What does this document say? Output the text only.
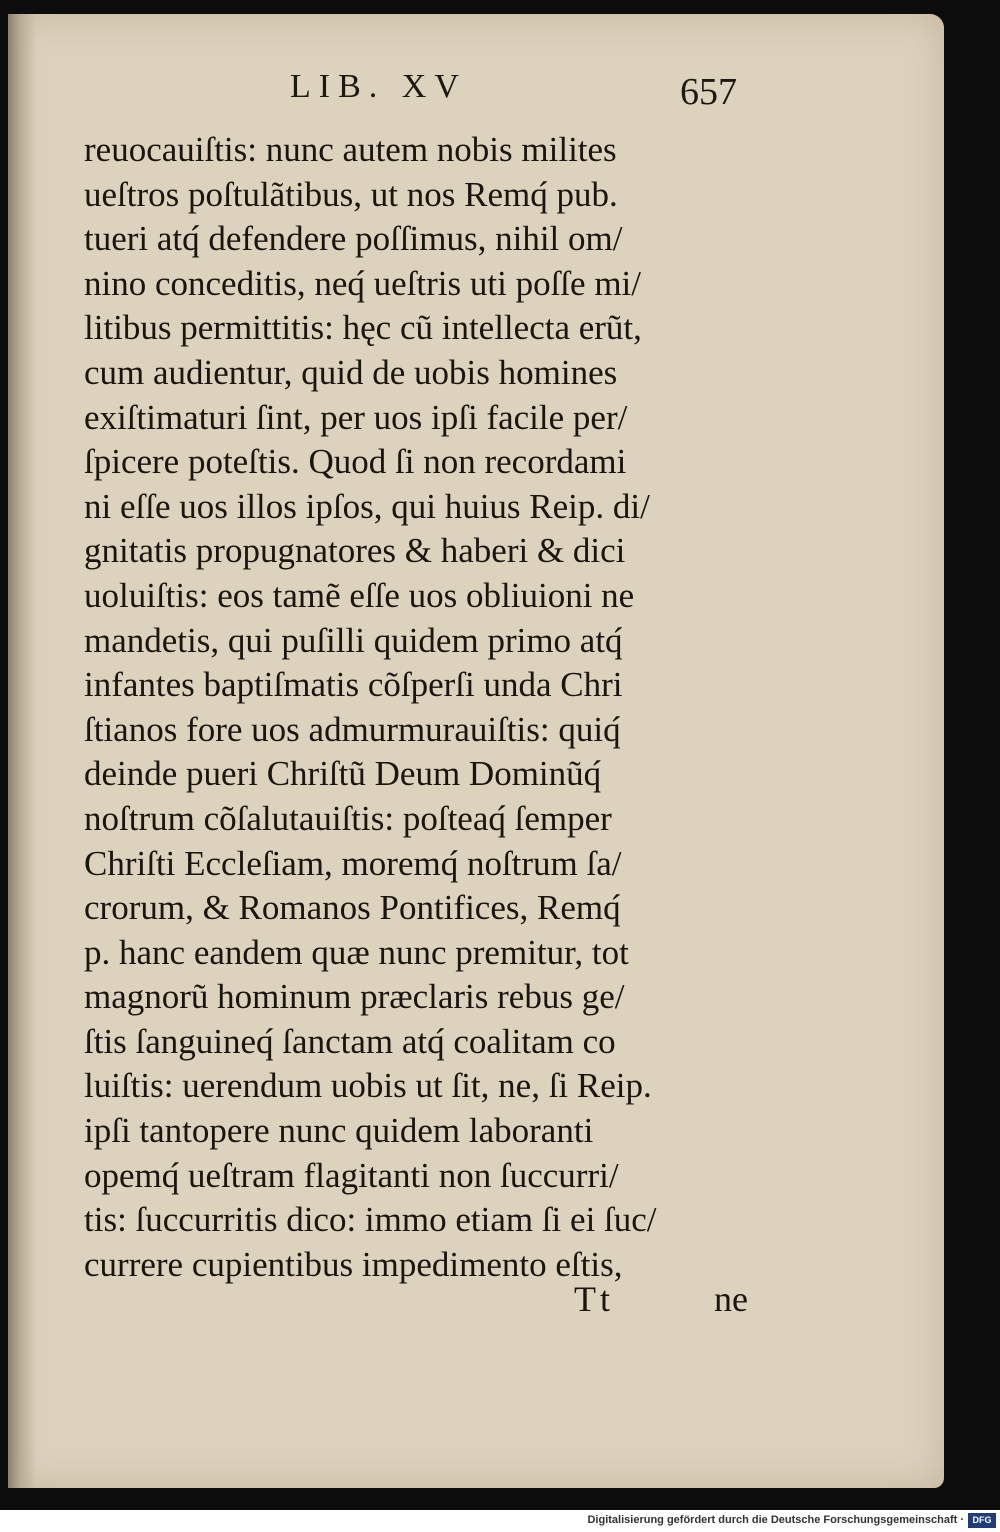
LIB. XV	657
reuocauiſtis: nunc autem nobis milites
ueſtros poſtulãtibus, ut nos Remq́ pub.
tueri atq́ defendere poſſimus, nihil om/
nino conceditis, neq́ ueſtris uti poſſe mi/
litibus permittitis: hęc cũ intellecta erũt,
cum audientur, quid de uobis homines
exiſtimaturi ſint, per uos ipſi facile per/
ſpicere poteſtis. Quod ſi non recordami
ni eſſe uos illos ipſos, qui huius Reip. di/
gnitatis propugnatores & haberi & dici
uoluiſtis: eos tamẽ eſſe uos obliuioni ne
mandetis, qui puſilli quidem primo atq́
infantes baptiſmatis cõſperſi unda Chri
ſtianos fore uos admurmurauiſtis: quiq́
deinde pueri Chriſtũ Deum Dominũq́
noſtrum cõſalutauiſtis: poſteaq́ ſemper
Chriſti Eccleſiam, moremq́ noſtrum ſa/
crorum, & Romanos Pontifices, Remq́
p. hanc eandem quæ nunc premitur, tot
magnorũ hominum præclaris rebus ge/
ſtis ſanguineq́ ſanctam atq́ coalitam co
luiſtis: uerendum uobis ut ſit, ne, ſi Reip.
ipſi tantopere nunc quidem laboranti
opemq́ ueſtram flagitanti non ſuccurri/
tis: ſuccurritis dico: immo etiam ſi ei ſuc/
currere cupientibus impedimento eſtis,
Tt	ne
Digitalisierung gefördert durch die Deutsche Forschungsgemeinschaft · DFG
